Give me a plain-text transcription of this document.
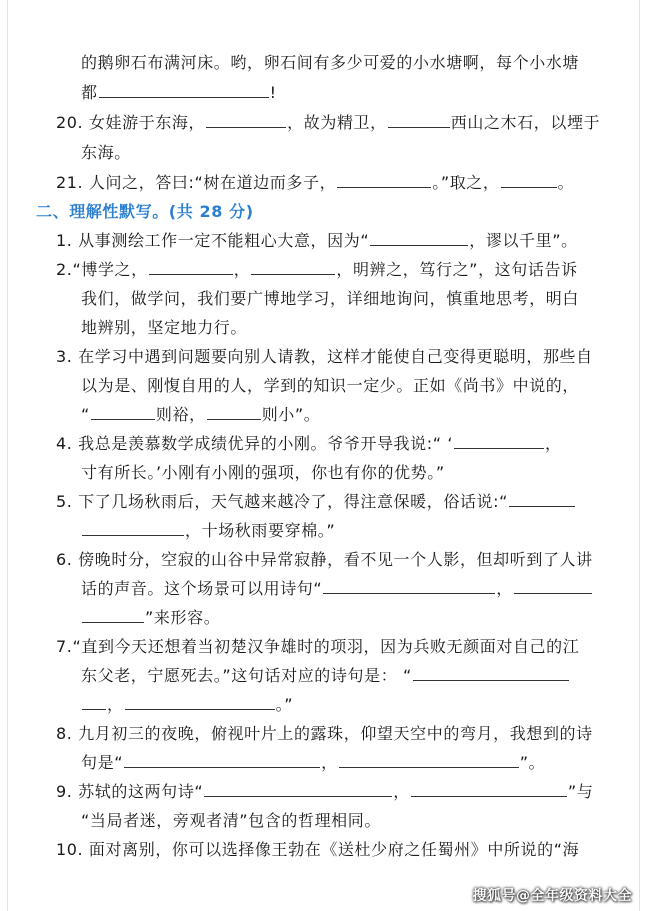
的鹅卵石布满河床。哟，卵石间有多少可爱的小水塘啊，每个小水塘
都	!
20. 女娃游于东海，	，故为精卫，	西山之木石，以堙于
东海。
21. 人问之，答曰:“树在道边而多子，	。”取之，	。
二、理解性默写。(共 28 分)
1. 从事测绘工作一定不能粗心大意，因为“	，谬以千里”。
2.“博学之，	，	，明辨之，笃行之”，这句话告诉
我们，做学问，我们要广博地学习，详细地询问，慎重地思考，明白
地辨别，坚定地力行。
3. 在学习中遇到问题要向别人请教，这样才能使自己变得更聪明，那些自
以为是、刚愎自用的人，学到的知识一定少。正如《尚书》中说的，
“	则裕，	则小”。
4. 我总是羡慕数学成绩优异的小刚。爷爷开导我说:“ ‘	，
寸有所长。’小刚有小刚的强项，你也有你的优势。”
5. 下了几场秋雨后，天气越来越冷了，得注意保暖，俗话说:“
，十场秋雨要穿棉。”
6. 傍晚时分，空寂的山谷中异常寂静，看不见一个人影，但却听到了人讲
话的声音。这个场景可以用诗句“	，
”来形容。
7.“直到今天还想着当初楚汉争雄时的项羽，因为兵败无颜面对自己的江
东父老，宁愿死去。”这句话对应的诗句是： “
，	。”
8. 九月初三的夜晚，俯视叶片上的露珠，仰望天空中的弯月，我想到的诗
句是“	，	”。
9. 苏轼的这两句诗“	，	”与
“当局者迷，旁观者清”包含的哲理相同。
10. 面对离别，你可以选择像王勃在《送杜少府之任蜀州》中所说的“海
搜狐号@全年级资料大全
